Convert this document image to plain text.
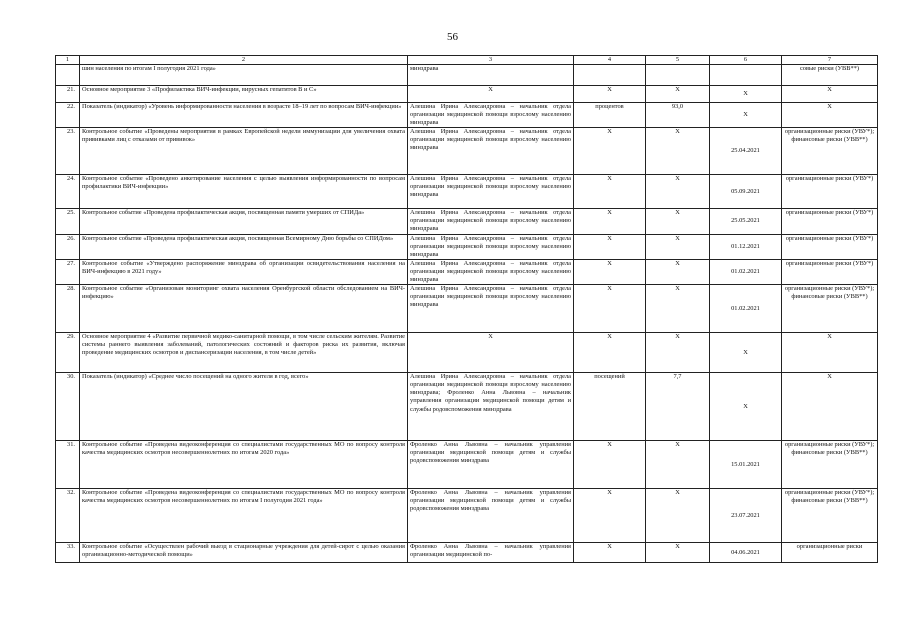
56
1	2	3	4	5	6	7
	шин населения по итогам I полугодия 2021 года»	минздрава				совые риски (УВВ**)
21.	Основное мероприятие 3 «Профилактика ВИЧ-инфекции, вирусных гепатитов В и С»	X	X	X	X	X
22.	Показатель (индикатор) «Уровень информированности населения в возрасте 18–19 лет по вопросам ВИЧ-инфекции»	Алешина Ирина Александровна – начальник отдела организации медицинской помощи взрослому населению минздрава	процентов	93,0	X	X
23.	Контрольное событие «Проведены мероприятия в рамках Европейской недели иммунизации для увеличения охвата прививками лиц с отказами от прививок»	Алешина Ирина Александровна – начальник отдела организации медицинской помощи взрослому населению минздрава	X	X	25.04.2021	организационные риски (УВУ*); финансовые риски (УВВ**)
24.	Контрольное событие «Проведено анкетирование населения с целью выявления информированности по вопросам профилактики ВИЧ-инфекции»	Алешина Ирина Александровна – начальник отдела организации медицинской помощи взрослому населению минздрава	X	X	05.09.2021	организационные риски (УВУ*)
25.	Контрольное событие «Проведена профилактическая акция, посвященная памяти умерших от СПИДа»	Алешина Ирина Александровна – начальник отдела организации медицинской помощи взрослому населению минздрава	X	X	25.05.2021	организационные риски (УВУ*)
26.	Контрольное событие «Проведена профилактическая акция, посвященная Всемирному Дню борьбы со СПИДом»	Алешина Ирина Александровна – начальник отдела организации медицинской помощи взрослому населению минздрава	X	X	01.12.2021	организационные риски (УВУ*)
27.	Контрольное событие «Утверждено распоряжение минздрава об организации освидетельствования населения на ВИЧ-инфекцию в 2021 году»	Алешина Ирина Александровна – начальник отдела организации медицинской помощи взрослому населению минздрава	X	X	01.02.2021	организационные риски (УВУ*)
28.	Контрольное событие «Организован мониторинг охвата населения Оренбургской области обследованием на ВИЧ-инфекцию»	Алешина Ирина Александровна – начальник отдела организации медицинской помощи взрослому населению минздрава	X	X	01.02.2021	организационные риски (УВУ*); финансовые риски (УВВ**)
29.	Основное мероприятие 4 «Развитие первичной медико-санитарной помощи, в том числе сельским жителям. Развитие системы раннего выявления заболеваний, патологических состояний и факторов риска их развития, включая проведение медицинских осмотров и диспансеризации населения, в том числе детей»	X	X	X	X	X
30.	Показатель (индикатор) «Среднее число посещений на одного жителя в год, всего»	Алешина Ирина Александровна – начальник отдела организации медицинской помощи взрослому населению минздрава; Фроленко Анна Львовна – начальник управления организации медицинской помощи детям и службы родовспоможения минздрава	посещений	7,7	X	X
31.	Контрольное событие «Проведена видеоконференция со специалистами государственных МО по вопросу контроля качества медицинских осмотров несовершеннолетних по итогам 2020 года»	Фроленко Анна Львовна – начальник управления организации медицинской помощи детям и службы родовспоможения минздрава	X	X	15.01.2021	организационные риски (УВУ*); финансовые риски (УВВ**)
32.	Контрольное событие «Проведена видеоконференция со специалистами государственных МО по вопросу контроля качества медицинских осмотров несовершеннолетних по итогам I полугодия 2021 года»	Фроленко Анна Львовна – начальник управления организации медицинской помощи детям и службы родовспоможения минздрава	X	X	23.07.2021	организационные риски (УВУ*); финансовые риски (УВВ**)
33.	Контрольное событие «Осуществлен рабочий выезд в стационарные учреждения для детей-сирот с целью оказания организационно-методической помощи»	Фроленко Анна Львовна – начальник управления организации медицинской по-	X	X	04.06.2021	организационные риски
